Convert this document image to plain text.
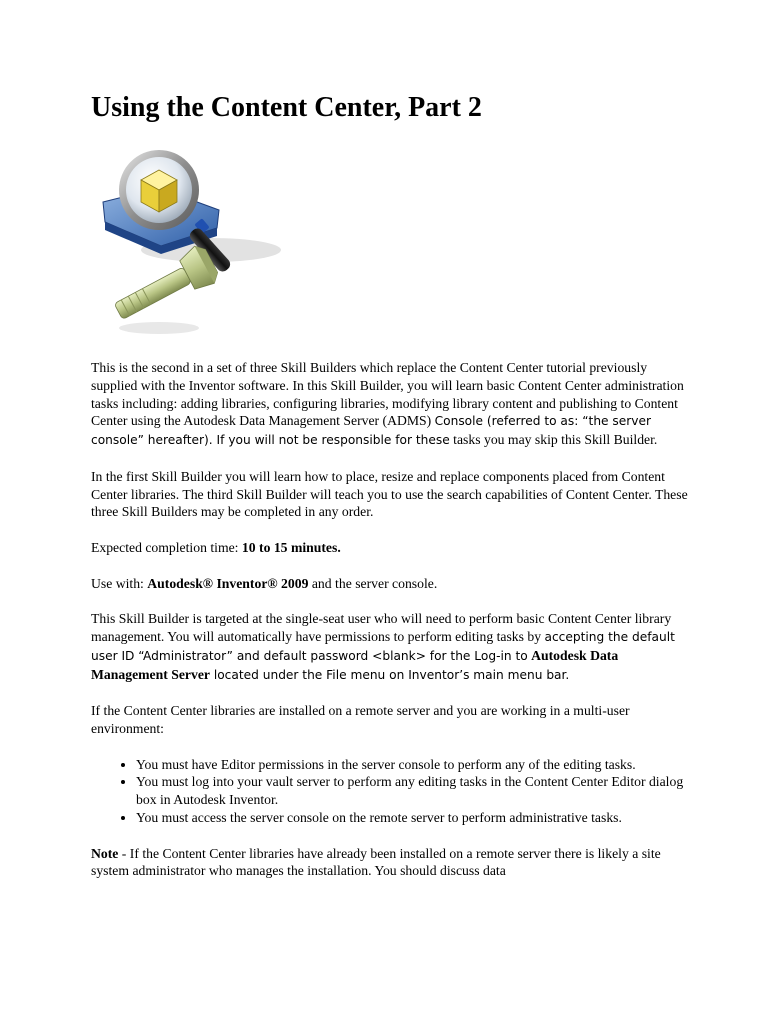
Using the Content Center, Part 2

This is the second in a set of three Skill Builders which replace the Content Center tutorial previously supplied with the Inventor software. In this Skill Builder, you will learn basic Content Center administration tasks including: adding libraries, configuring libraries, modifying library content and publishing to Content Center using the Autodesk Data Management Server (ADMS) Console (referred to as: “the server console” hereafter). If you will not be responsible for these tasks you may skip this Skill Builder.

In the first Skill Builder you will learn how to place, resize and replace components placed from Content Center libraries. The third Skill Builder will teach you to use the search capabilities of Content Center. These three Skill Builders may be completed in any order.

Expected completion time: 10 to 15 minutes.

Use with: Autodesk® Inventor® 2009 and the server console.

This Skill Builder is targeted at the single-seat user who will need to perform basic Content Center library management. You will automatically have permissions to perform editing tasks by accepting the default user ID “Administrator” and default password <blank> for the Log-in to Autodesk Data Management Server located under the File menu on Inventor’s main menu bar.

If the Content Center libraries are installed on a remote server and you are working in a multi-user environment:

• You must have Editor permissions in the server console to perform any of the editing tasks.
• You must log into your vault server to perform any editing tasks in the Content Center Editor dialog box in Autodesk Inventor.
• You must access the server console on the remote server to perform administrative tasks.

Note - If the Content Center libraries have already been installed on a remote server there is likely a site system administrator who manages the installation. You should discuss data
